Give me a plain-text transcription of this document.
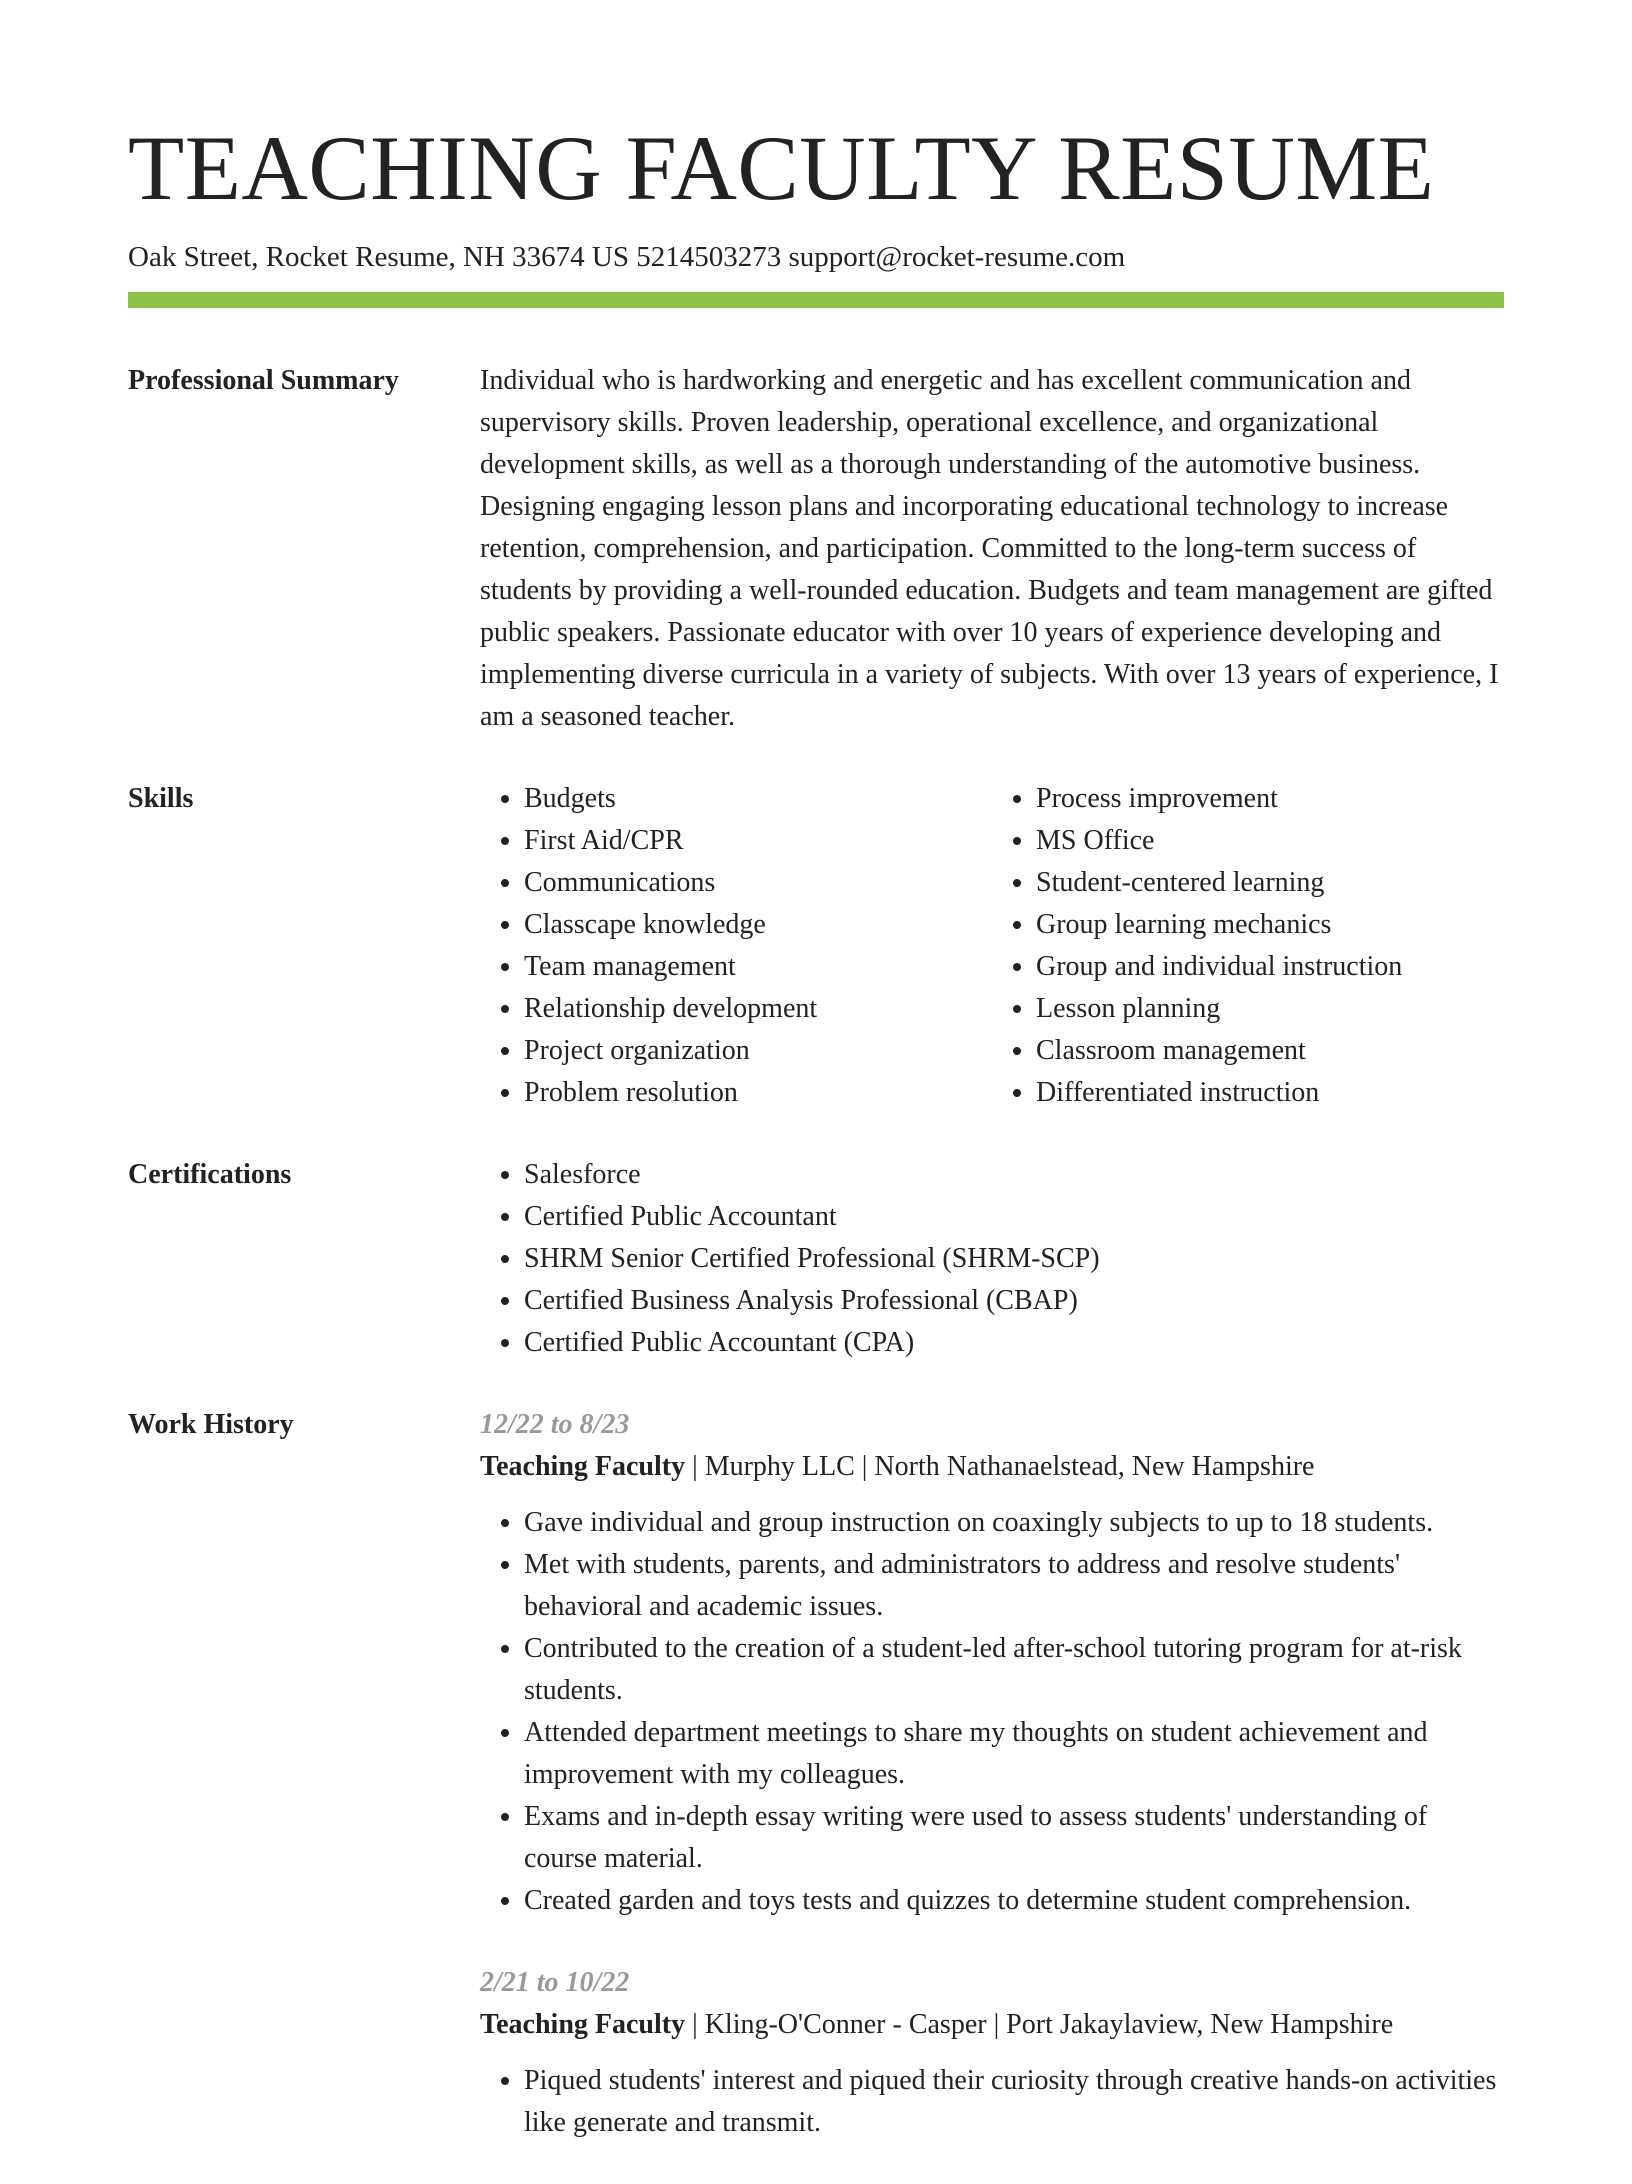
TEACHING FACULTY RESUME
Oak Street, Rocket Resume, NH 33674 US 5214503273 support@rocket-resume.com
Professional Summary	Individual who is hardworking and energetic and has excellent communication and supervisory skills. Proven leadership, operational excellence, and organizational development skills, as well as a thorough understanding of the automotive business. Designing engaging lesson plans and incorporating educational technology to increase retention, comprehension, and participation. Committed to the long-term success of students by providing a well-rounded education. Budgets and team management are gifted public speakers. Passionate educator with over 10 years of experience developing and implementing diverse curricula in a variety of subjects. With over 13 years of experience, I am a seasoned teacher.

Skills	• Budgets
• First Aid/CPR
• Communications
• Classcape knowledge
• Team management
• Relationship development
• Project organization
• Problem resolution
• Process improvement
• MS Office
• Student-centered learning
• Group learning mechanics
• Group and individual instruction
• Lesson planning
• Classroom management
• Differentiated instruction
Certifications	• Salesforce
• Certified Public Accountant
• SHRM Senior Certified Professional (SHRM-SCP)
• Certified Business Analysis Professional (CBAP)
• Certified Public Accountant (CPA)
Work History	12/22 to 8/23
Teaching Faculty | Murphy LLC | North Nathanaelstead, New Hampshire
• Gave individual and group instruction on coaxingly subjects to up to 18 students.
• Met with students, parents, and administrators to address and resolve students' behavioral and academic issues.
• Contributed to the creation of a student-led after-school tutoring program for at-risk students.
• Attended department meetings to share my thoughts on student achievement and improvement with my colleagues.
• Exams and in-depth essay writing were used to assess students' understanding of course material.
• Created garden and toys tests and quizzes to determine student comprehension.
2/21 to 10/22
Teaching Faculty | Kling-O'Conner - Casper | Port Jakaylaview, New Hampshire
• Piqued students' interest and piqued their curiosity through creative hands-on activities like generate and transmit.
